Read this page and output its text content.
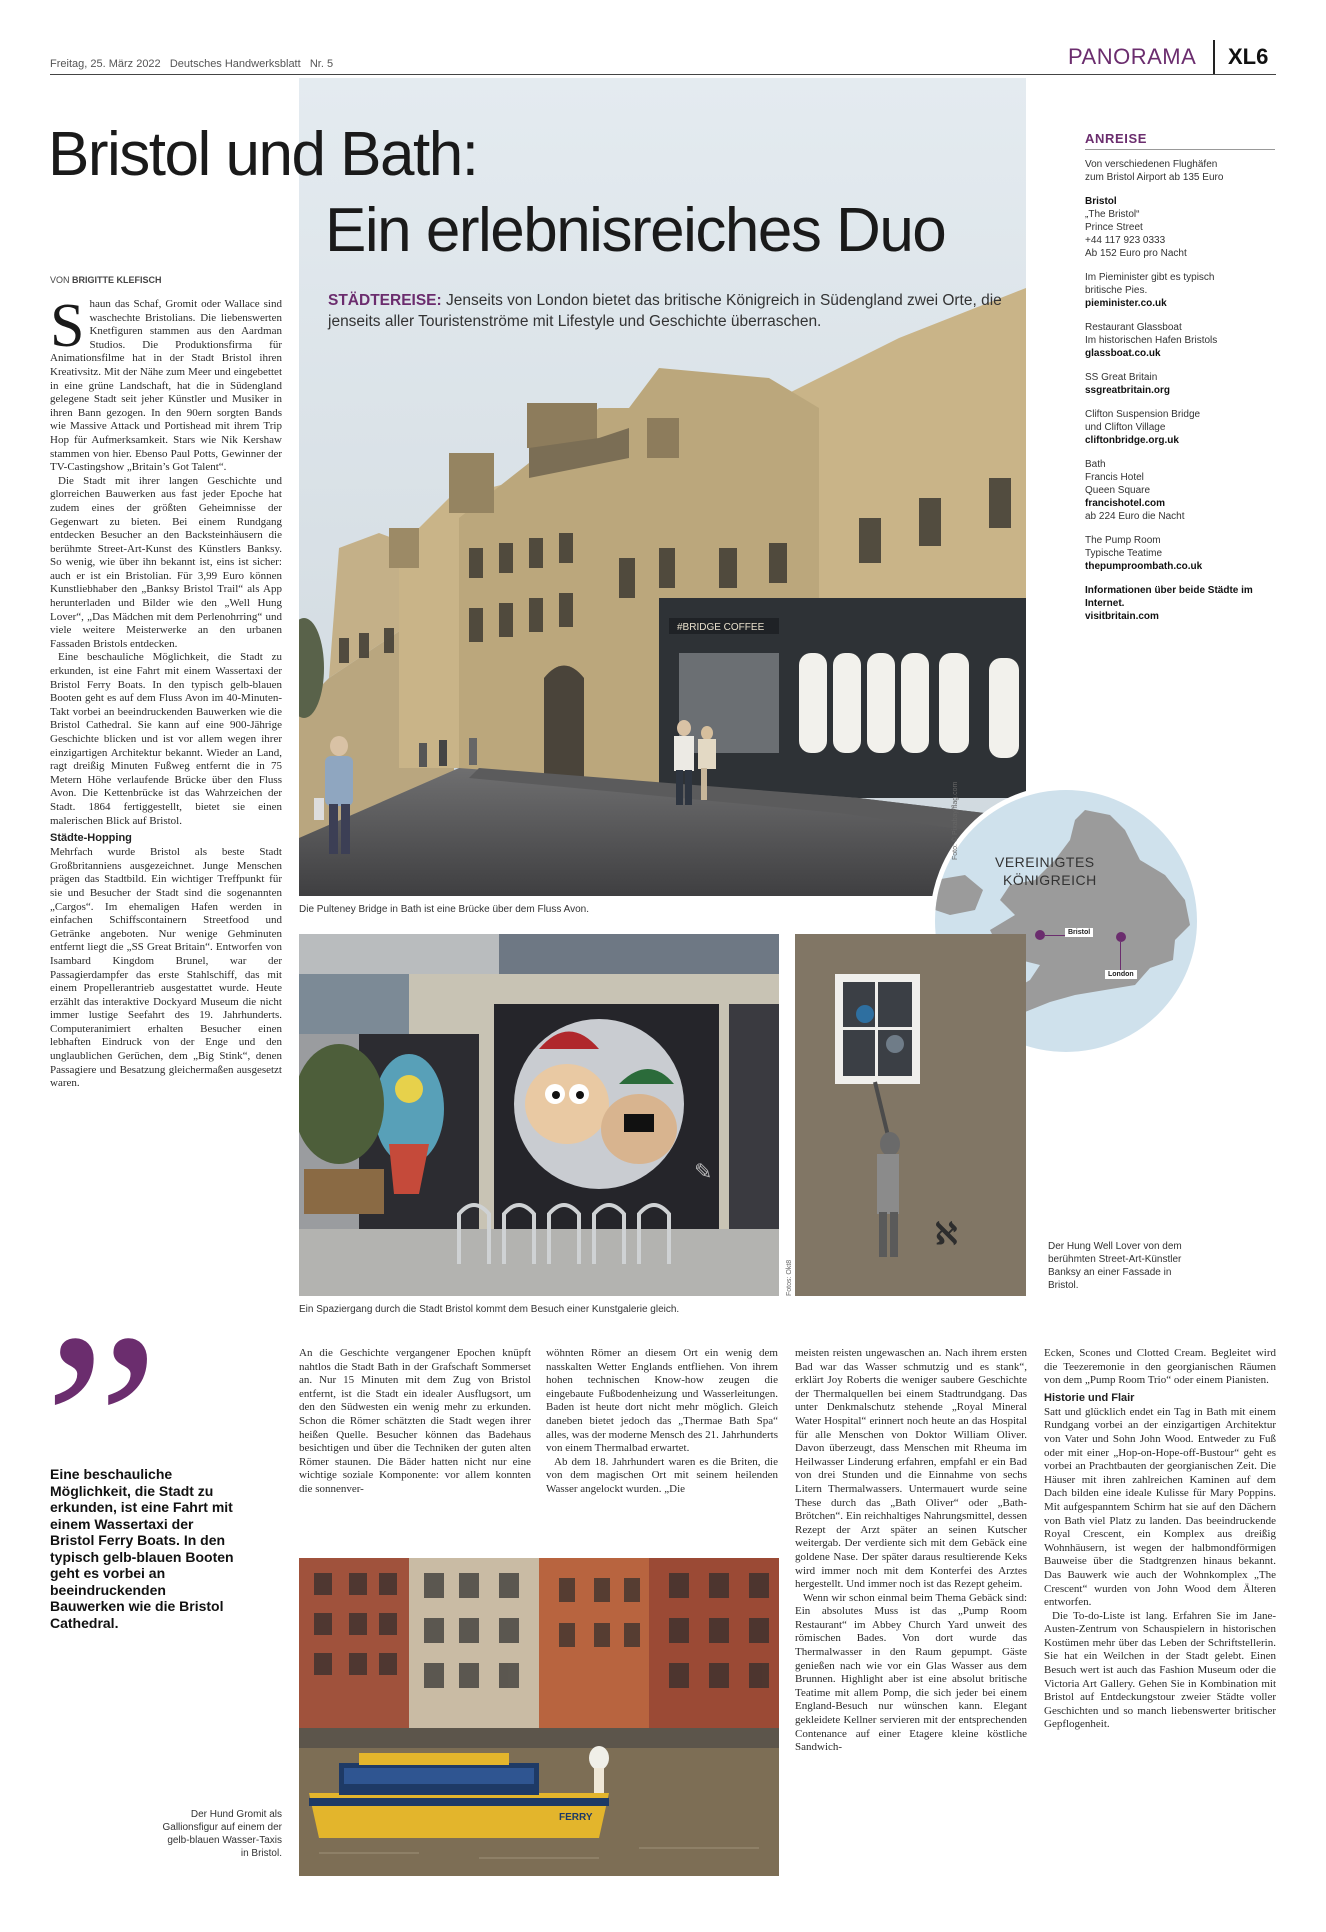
Freitag, 25. März 2022   Deutsches Handwerksblatt   Nr. 5	PANORAMA XL6
#BRIDGE COFFEE
Bristol und Bath:
Ein erlebnisreiches Duo
STÄDTEREISE: Jenseits von London bietet das britische Königreich in Südengland zwei Orte, die jenseits aller Touristenströme mit Lifestyle und Geschichte überraschen.
VON BRIGITTE KLEFISCH

Shaun das Schaf, Gromit oder Wallace sind waschechte Bristolians. Die liebenswerten Knetfiguren stammen aus den Aardman Studios. Die Produktionsfirma für Animationsfilme hat in der Stadt Bristol ihren Kreativsitz. Mit der Nähe zum Meer und eingebettet in eine grüne Landschaft, hat die in Südengland gelegene Stadt seit jeher Künstler und Musiker in ihren Bann gezogen. In den 90ern sorgten Bands wie Massive Attack und Portishead mit ihrem Trip Hop für Aufmerksamkeit. Stars wie Nik Kershaw stammen von hier. Ebenso Paul Potts, Gewinner der TV-Castingshow „Britain’s Got Talent“.

Die Stadt mit ihrer langen Geschichte und glorreichen Bauwerken aus fast jeder Epoche hat zudem eines der größten Geheimnisse der Gegenwart zu bieten. Bei einem Rundgang entdecken Besucher an den Backsteinhäusern die berühmte Street-Art-Kunst des Künstlers Banksy. So wenig, wie über ihn bekannt ist, eins ist sicher: auch er ist ein Bristolian. Für 3,99 Euro können Kunstliebhaber den „Banksy Bristol Trail“ als App herunterladen und Bilder wie den „Well Hung Lover“, „Das Mädchen mit dem Perlenohrring“ und viele weitere Meisterwerke an den urbanen Fassaden Bristols entdecken.

Eine beschauliche Möglichkeit, die Stadt zu erkunden, ist eine Fahrt mit einem Wassertaxi der Bristol Ferry Boats. In den typisch gelb-blauen Booten geht es auf dem Fluss Avon im 40-Minuten-Takt vorbei an beeindruckenden Bauwerken wie die Bristol Cathedral. Sie kann auf eine 900-Jährige Geschichte blicken und ist vor allem wegen ihrer einzigartigen Architektur bekannt. Wieder an Land, ragt dreißig Minuten Fußweg entfernt die in 75 Metern Höhe verlaufende Brücke über den Fluss Avon. Die Kettenbrücke ist das Wahrzeichen der Stadt. 1864 fertiggestellt, bietet sie einen malerischen Blick auf Bristol.

Städte-Hopping

Mehrfach wurde Bristol als beste Stadt Großbritanniens ausgezeichnet. Junge Menschen prägen das Stadtbild. Ein wichtiger Treffpunkt für sie und Besucher der Stadt sind die sogenannten „Cargos“. Im ehemaligen Hafen werden in einfachen Schiffscontainern Streetfood und Getränke angeboten. Nur wenige Gehminuten entfernt liegt die „SS Great Britain“. Entworfen von Isambard Kingdom Brunel, war der Passagierdampfer das erste Stahlschiff, das mit einem Propellerantrieb ausgestattet wurde. Heute erzählt das interaktive Dockyard Museum die nicht immer lustige Seefahrt des 19. Jahrhunderts. Computeranimiert erhalten Besucher einen lebhaften Eindruck von der Enge und den unglaublichen Gerüchen, dem „Big Stink“, denen Passagiere und Besatzung gleichermaßen ausgesetzt waren.

Die Pulteney Bridge in Bath ist eine Brücke über dem Fluss Avon.
ANREISE
Von verschiedenen Flughäfen
zum Bristol Airport ab 135 Euro
Bristol
„The Bristol“
Prince Street
+44 117 923 0333
Ab 152 Euro pro Nacht
Im Pieminister gibt es typisch
britische Pies.
pieminister.co.uk
Restaurant Glassboat
Im historischen Hafen Bristols
glassboat.co.uk
SS Great Britain
ssgreatbritain.org
Clifton Suspension Bridge
und Clifton Village
cliftonbridge.org.uk
Bath
Francis Hotel
Queen Square
francishotel.com
ab 224 Euro die Nacht
The Pump Room
Typische Teatime
thepumproombath.co.uk
Informationen über beide Städte im Internet.
visitbritain.com
VEREINIGTES
KÖNIGREICH
Bristol
London
Foto: © Pixabay/flag.com
✎
ℵ
Fotos: Okt8
Ein Spaziergang durch die Stadt Bristol kommt dem Besuch einer Kunstgalerie gleich.
Der Hung Well Lover von dem berühmten Street-Art-Künstler Banksy an einer Fassade in Bristol.
„
Eine beschauliche Möglichkeit, die Stadt zu erkunden, ist eine Fahrt mit einem Wassertaxi der Bristol Ferry Boats. In den typisch gelb-blauen Booten geht es vorbei an beeindruckenden Bauwerken wie die Bristol Cathedral.
Der Hund Gromit als Gallionsfigur auf einem der gelb-blauen Wasser-Taxis in Bristol.

An die Geschichte vergangener Epochen knüpft nahtlos die Stadt Bath in der Grafschaft Sommerset an. Nur 15 Minuten mit dem Zug von Bristol entfernt, ist die Stadt ein idealer Ausflugsort, um den den Südwesten ein wenig mehr zu erkunden. Schon die Römer schätzten die Stadt wegen ihrer heißen Quelle. Besucher können das Badehaus besichtigen und über die Techniken der guten alten Römer staunen. Die Bäder hatten nicht nur eine wichtige soziale Komponente: vor allem konnten die sonnenver-

wöhnten Römer an diesem Ort ein wenig dem nasskalten Wetter Englands entfliehen. Von ihrem hohen technischen Know-how zeugen die eingebaute Fußbodenheizung und Wasserleitungen. Baden ist heute dort nicht mehr möglich. Gleich daneben bietet jedoch das „Thermae Bath Spa“ alles, was der moderne Mensch des 21. Jahrhunderts von einem Thermalbad erwartet.

Ab dem 18. Jahrhundert waren es die Briten, die von dem magischen Ort mit seinem heilenden Wasser angelockt wurden. „Die

meisten reisten ungewaschen an. Nach ihrem ersten Bad war das Wasser schmutzig und es stank“, erklärt Joy Roberts die weniger saubere Geschichte der Thermalquellen bei einem Stadtrundgang. Das unter Denkmalschutz stehende „Royal Mineral Water Hospital“ erinnert noch heute an das Hospital für alle Menschen von Doktor William Oliver. Davon überzeugt, dass Menschen mit Rheuma im Heilwasser Linderung erfahren, empfahl er ein Bad von drei Stunden und die Einnahme von sechs Litern Thermalwassers. Untermauert wurde seine These durch das „Bath Oliver“ oder „Bath-Brötchen“. Ein reichhaltiges Nahrungsmittel, dessen Rezept der Arzt später an seinen Kutscher weitergab. Der verdiente sich mit dem Gebäck eine goldene Nase. Der später daraus resultierende Keks wird immer noch mit dem Konterfei des Arztes hergestellt. Und immer noch ist das Rezept geheim.

Wenn wir schon einmal beim Thema Gebäck sind: Ein absolutes Muss ist das „Pump Room Restaurant“ im Abbey Church Yard unweit des römischen Bades. Von dort wurde das Thermalwasser in den Raum gepumpt. Gäste genießen nach wie vor ein Glas Wasser aus dem Brunnen. Highlight aber ist eine absolut britische Teatime mit allem Pomp, die sich jeder bei einem England-Besuch nur wünschen kann. Elegant gekleidete Kellner servieren mit der entsprechenden Contenance auf einer Etagere kleine köstliche Sandwich-

Ecken, Scones und Clotted Cream. Begleitet wird die Teezeremonie in den georgianischen Räumen von dem „Pump Room Trio“ oder einem Pianisten.

Historie und Flair

Satt und glücklich endet ein Tag in Bath mit einem Rundgang vorbei an der einzigartigen Architektur von Vater und Sohn John Wood. Entweder zu Fuß oder mit einer „Hop-on-Hope-off-Bustour“ geht es vorbei an Prachtbauten der georgianischen Zeit. Die Häuser mit ihren zahlreichen Kaminen auf dem Dach bilden eine ideale Kulisse für Mary Poppins. Mit aufgespanntem Schirm hat sie auf den Dächern von Bath viel Platz zu landen. Das beeindruckende Royal Crescent, ein Komplex aus dreißig Wohnhäusern, ist wegen der halbmondförmigen Bauweise über die Stadtgrenzen hinaus bekannt. Das Bauwerk wie auch der Wohnkomplex „The Crescent“ wurden von John Wood dem Älteren entworfen.

Die To-do-Liste ist lang. Erfahren Sie im Jane-Austen-Zentrum von Schauspielern in historischen Kostümen mehr über das Leben der Schriftstellerin. Sie hat ein Weilchen in der Stadt gelebt. Einen Besuch wert ist auch das Fashion Museum oder die Victoria Art Gallery. Gehen Sie in Kombination mit Bristol auf Entdeckungstour zweier Städte voller Geschichten und so manch liebenswerter britischer Gepflogenheit.

FERRY
